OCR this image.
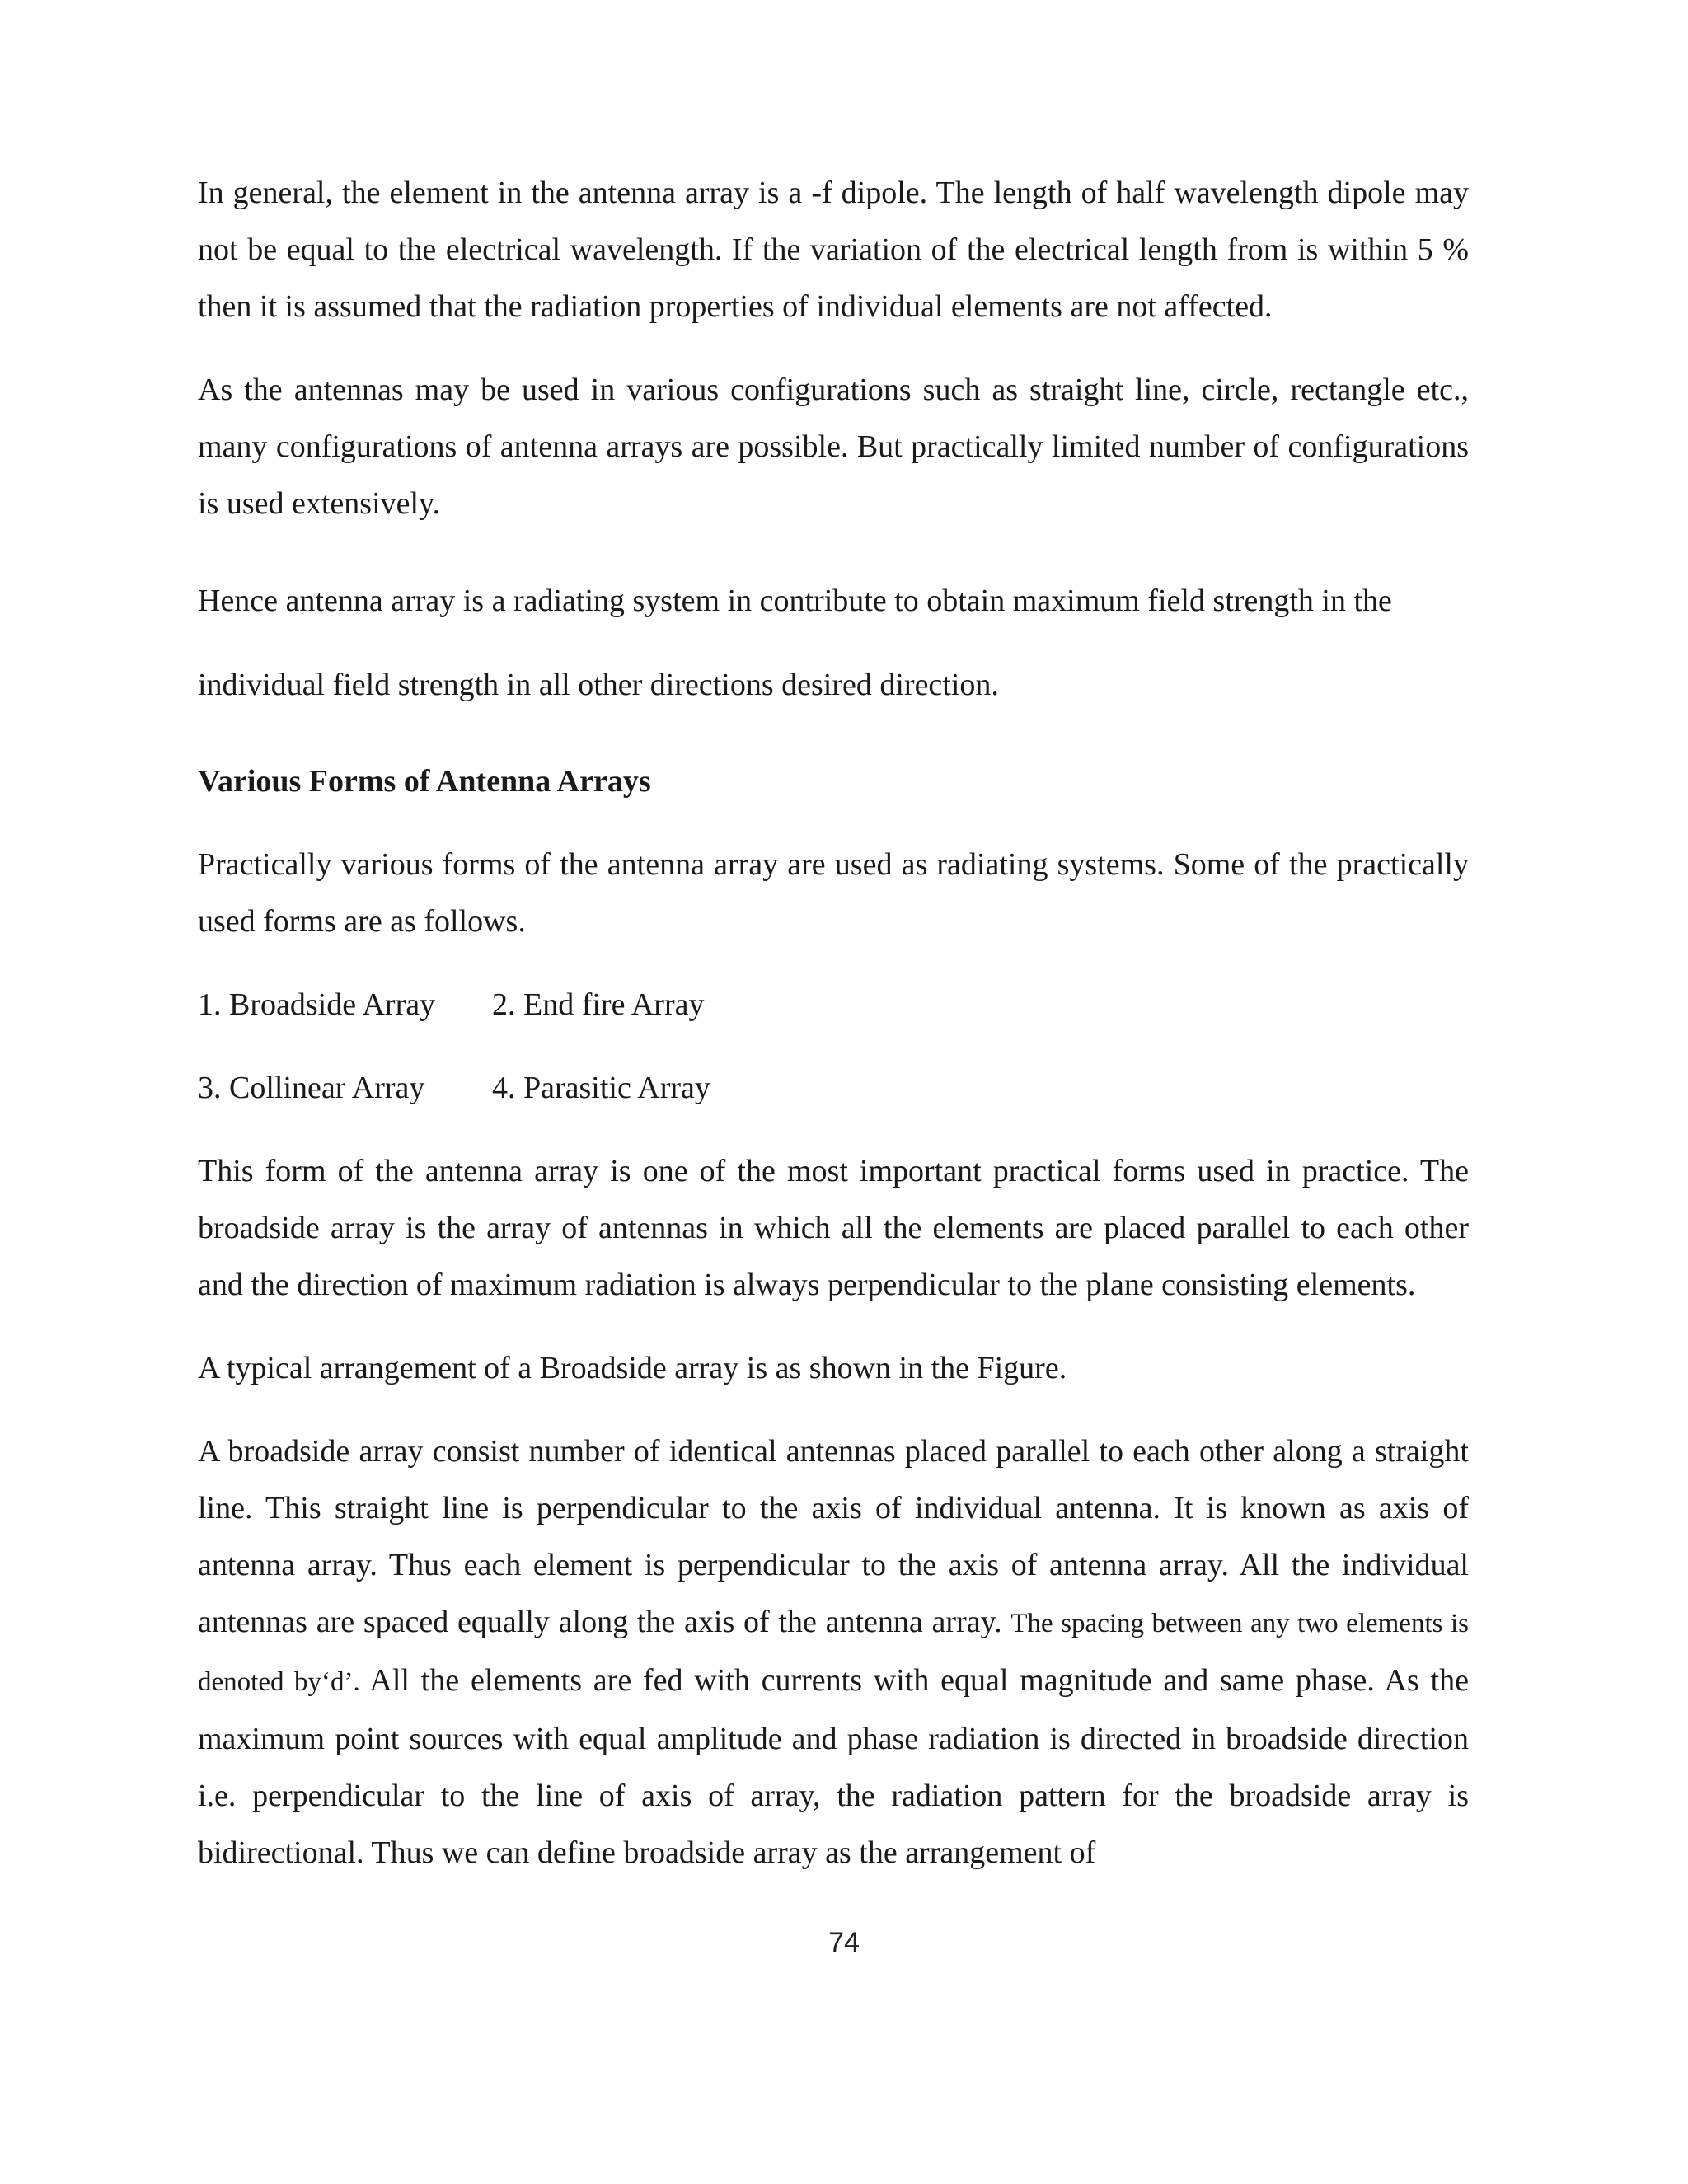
In general, the element in the antenna array is a -f dipole. The length of half wavelength dipole may not be equal to the electrical wavelength. If the variation of the electrical length from is within 5 % then it is assumed that the radiation properties of individual elements are not affected.

As the antennas may be used in various configurations such as straight line, circle, rectangle etc., many configurations of antenna arrays are possible. But practically limited number of configurations is used extensively.

Hence antenna array is a radiating system in contribute to obtain maximum field strength in the individual field strength in all other directions desired direction.

Various Forms of Antenna Arrays

Practically various forms of the antenna array are used as radiating systems. Some of the practically used forms are as follows.

1. Broadside Array 2. End fire Array
3. Collinear Array 4. Parasitic Array

This form of the antenna array is one of the most important practical forms used in practice. The broadside array is the array of antennas in which all the elements are placed parallel to each other and the direction of maximum radiation is always perpendicular to the plane consisting elements.

A typical arrangement of a Broadside array is as shown in the Figure.

A broadside array consist number of identical antennas placed parallel to each other along a straight line. This straight line is perpendicular to the axis of individual antenna. It is known as axis of antenna array. Thus each element is perpendicular to the axis of antenna array. All the individual antennas are spaced equally along the axis of the antenna array. The spacing between any two elements is denoted by‘d’. All the elements are fed with currents with equal magnitude and same phase. As the maximum point sources with equal amplitude and phase radiation is directed in broadside direction i.e. perpendicular to the line of axis of array, the radiation pattern for the broadside array is bidirectional. Thus we can define broadside array as the arrangement of

74
